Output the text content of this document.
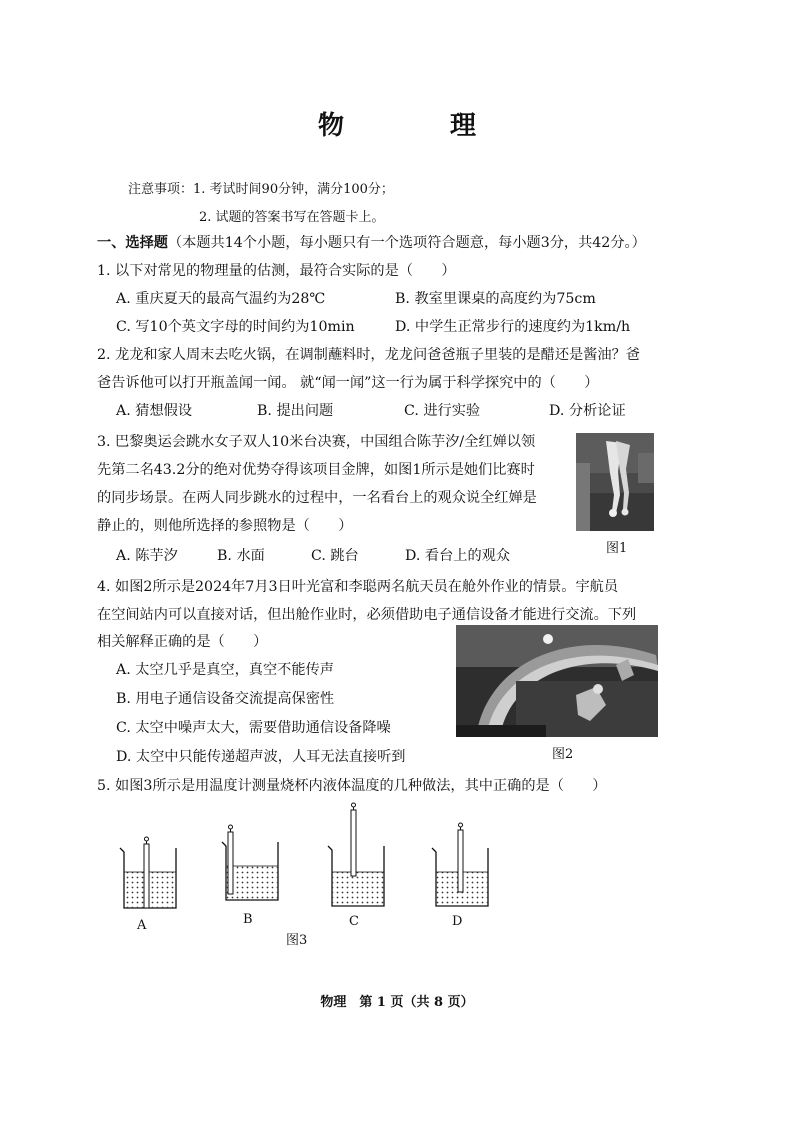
物　理
注意事项：1. 考试时间90分钟，满分100分；
2. 试题的答案书写在答题卡上。
一、选择题（本题共14个小题，每小题只有一个选项符合题意，每小题3分，共42分。）
1. 以下对常见的物理量的估测，最符合实际的是（　　）
A. 重庆夏天的最高气温约为28℃	B. 教室里课桌的高度约为75cm
C. 写10个英文字母的时间约为10min	D. 中学生正常步行的速度约为1km/h
2. 龙龙和家人周末去吃火锅，在调制蘸料时，龙龙问爸爸瓶子里装的是醋还是酱油？爸
爸告诉他可以打开瓶盖闻一闻。 就“闻一闻”这一行为属于科学探究中的（　　）
A. 猜想假设	B. 提出问题	C. 进行实验	D. 分析论证
3. 巴黎奥运会跳水女子双人10米台决赛，中国组合陈芋汐/全红婵以领
先第二名43.2分的绝对优势夺得该项目金牌，如图1所示是她们比赛时
的同步场景。在两人同步跳水的过程中，一名看台上的观众说全红婵是
静止的，则他所选择的参照物是（　　）
A. 陈芋汐	B. 水面	C. 跳台	D. 看台上的观众	图1
4. 如图2所示是2024年7月3日叶光富和李聪两名航天员在舱外作业的情景。宇航员
在空间站内可以直接对话，但出舱作业时，必须借助电子通信设备才能进行交流。下列
相关解释正确的是（　　）
A. 太空几乎是真空，真空不能传声
B. 用电子通信设备交流提高保密性
C. 太空中噪声太大，需要借助通信设备降噪
D. 太空中只能传递超声波，人耳无法直接听到	图2
5. 如图3所示是用温度计测量烧杯内液体温度的几种做法，其中正确的是（　　）
A	B	C	D
图3
物理　第 1 页（共 8 页）
